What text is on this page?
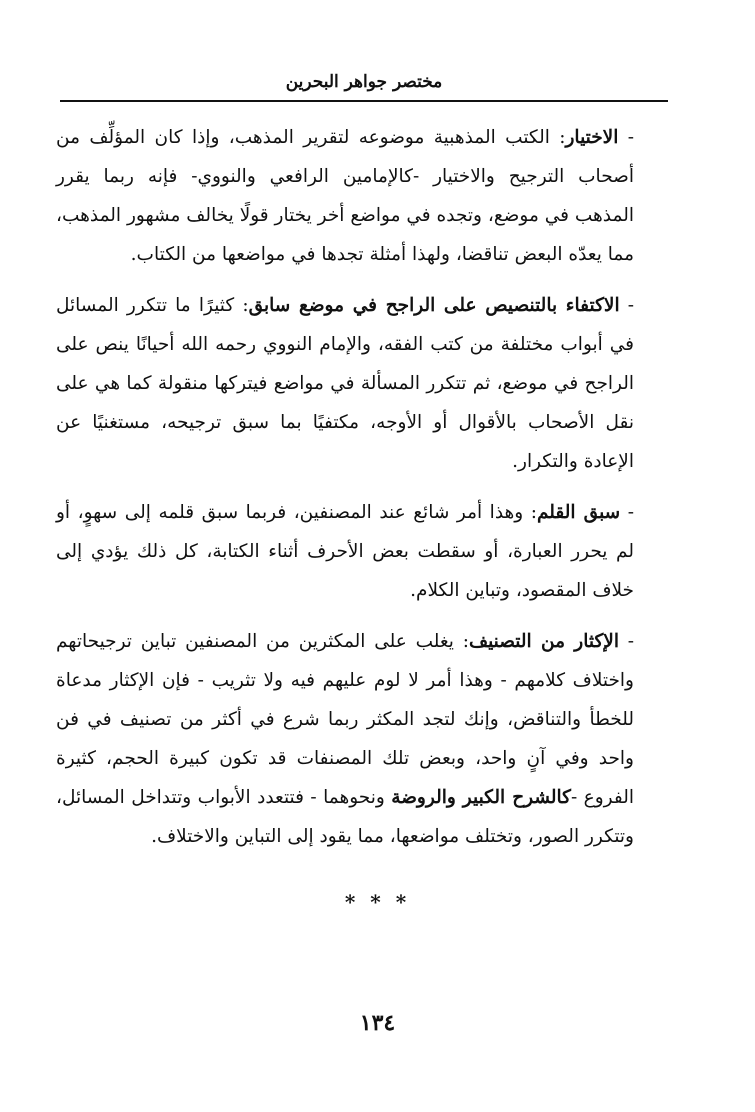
مختصر جواهر البحرين

- الاختيار: الكتب المذهبية موضوعه لتقرير المذهب، وإذا كان المؤلِّف من أصحاب الترجيح والاختيار -كالإمامين الرافعي والنووي- فإنه ربما يقرر المذهب في موضع، وتجده في مواضع أخر يختار قولًا يخالف مشهور المذهب، مما يعدّه البعض تناقضا، ولهذا أمثلة تجدها في مواضعها من الكتاب.

- الاكتفاء بالتنصيص على الراجح في موضع سابق: كثيرًا ما تتكرر المسائل في أبواب مختلفة من كتب الفقه، والإمام النووي رحمه الله أحيانًا ينص على الراجح في موضع، ثم تتكرر المسألة في مواضع فيتركها منقولة كما هي على نقل الأصحاب بالأقوال أو الأوجه، مكتفيًا بما سبق ترجيحه، مستغنيًا عن الإعادة والتكرار.

- سبق القلم: وهذا أمر شائع عند المصنفين، فربما سبق قلمه إلى سهوٍ، أو لم يحرر العبارة، أو سقطت بعض الأحرف أثناء الكتابة، كل ذلك يؤدي إلى خلاف المقصود، وتباين الكلام.

- الإكثار من التصنيف: يغلب على المكثرين من المصنفين تباين ترجيحاتهم واختلاف كلامهم - وهذا أمر لا لوم عليهم فيه ولا تثريب - فإن الإكثار مدعاة للخطأ والتناقض، وإنك لتجد المكثر ربما شرع في أكثر من تصنيف في فن واحد وفي آنٍ واحد، وبعض تلك المصنفات قد تكون كبيرة الحجم، كثيرة الفروع -كالشرح الكبير والروضة ونحوهما - فتتعدد الأبواب وتتداخل المسائل، وتتكرر الصور، وتختلف مواضعها، مما يقود إلى التباين والاختلاف.

* * *
١٣٤
